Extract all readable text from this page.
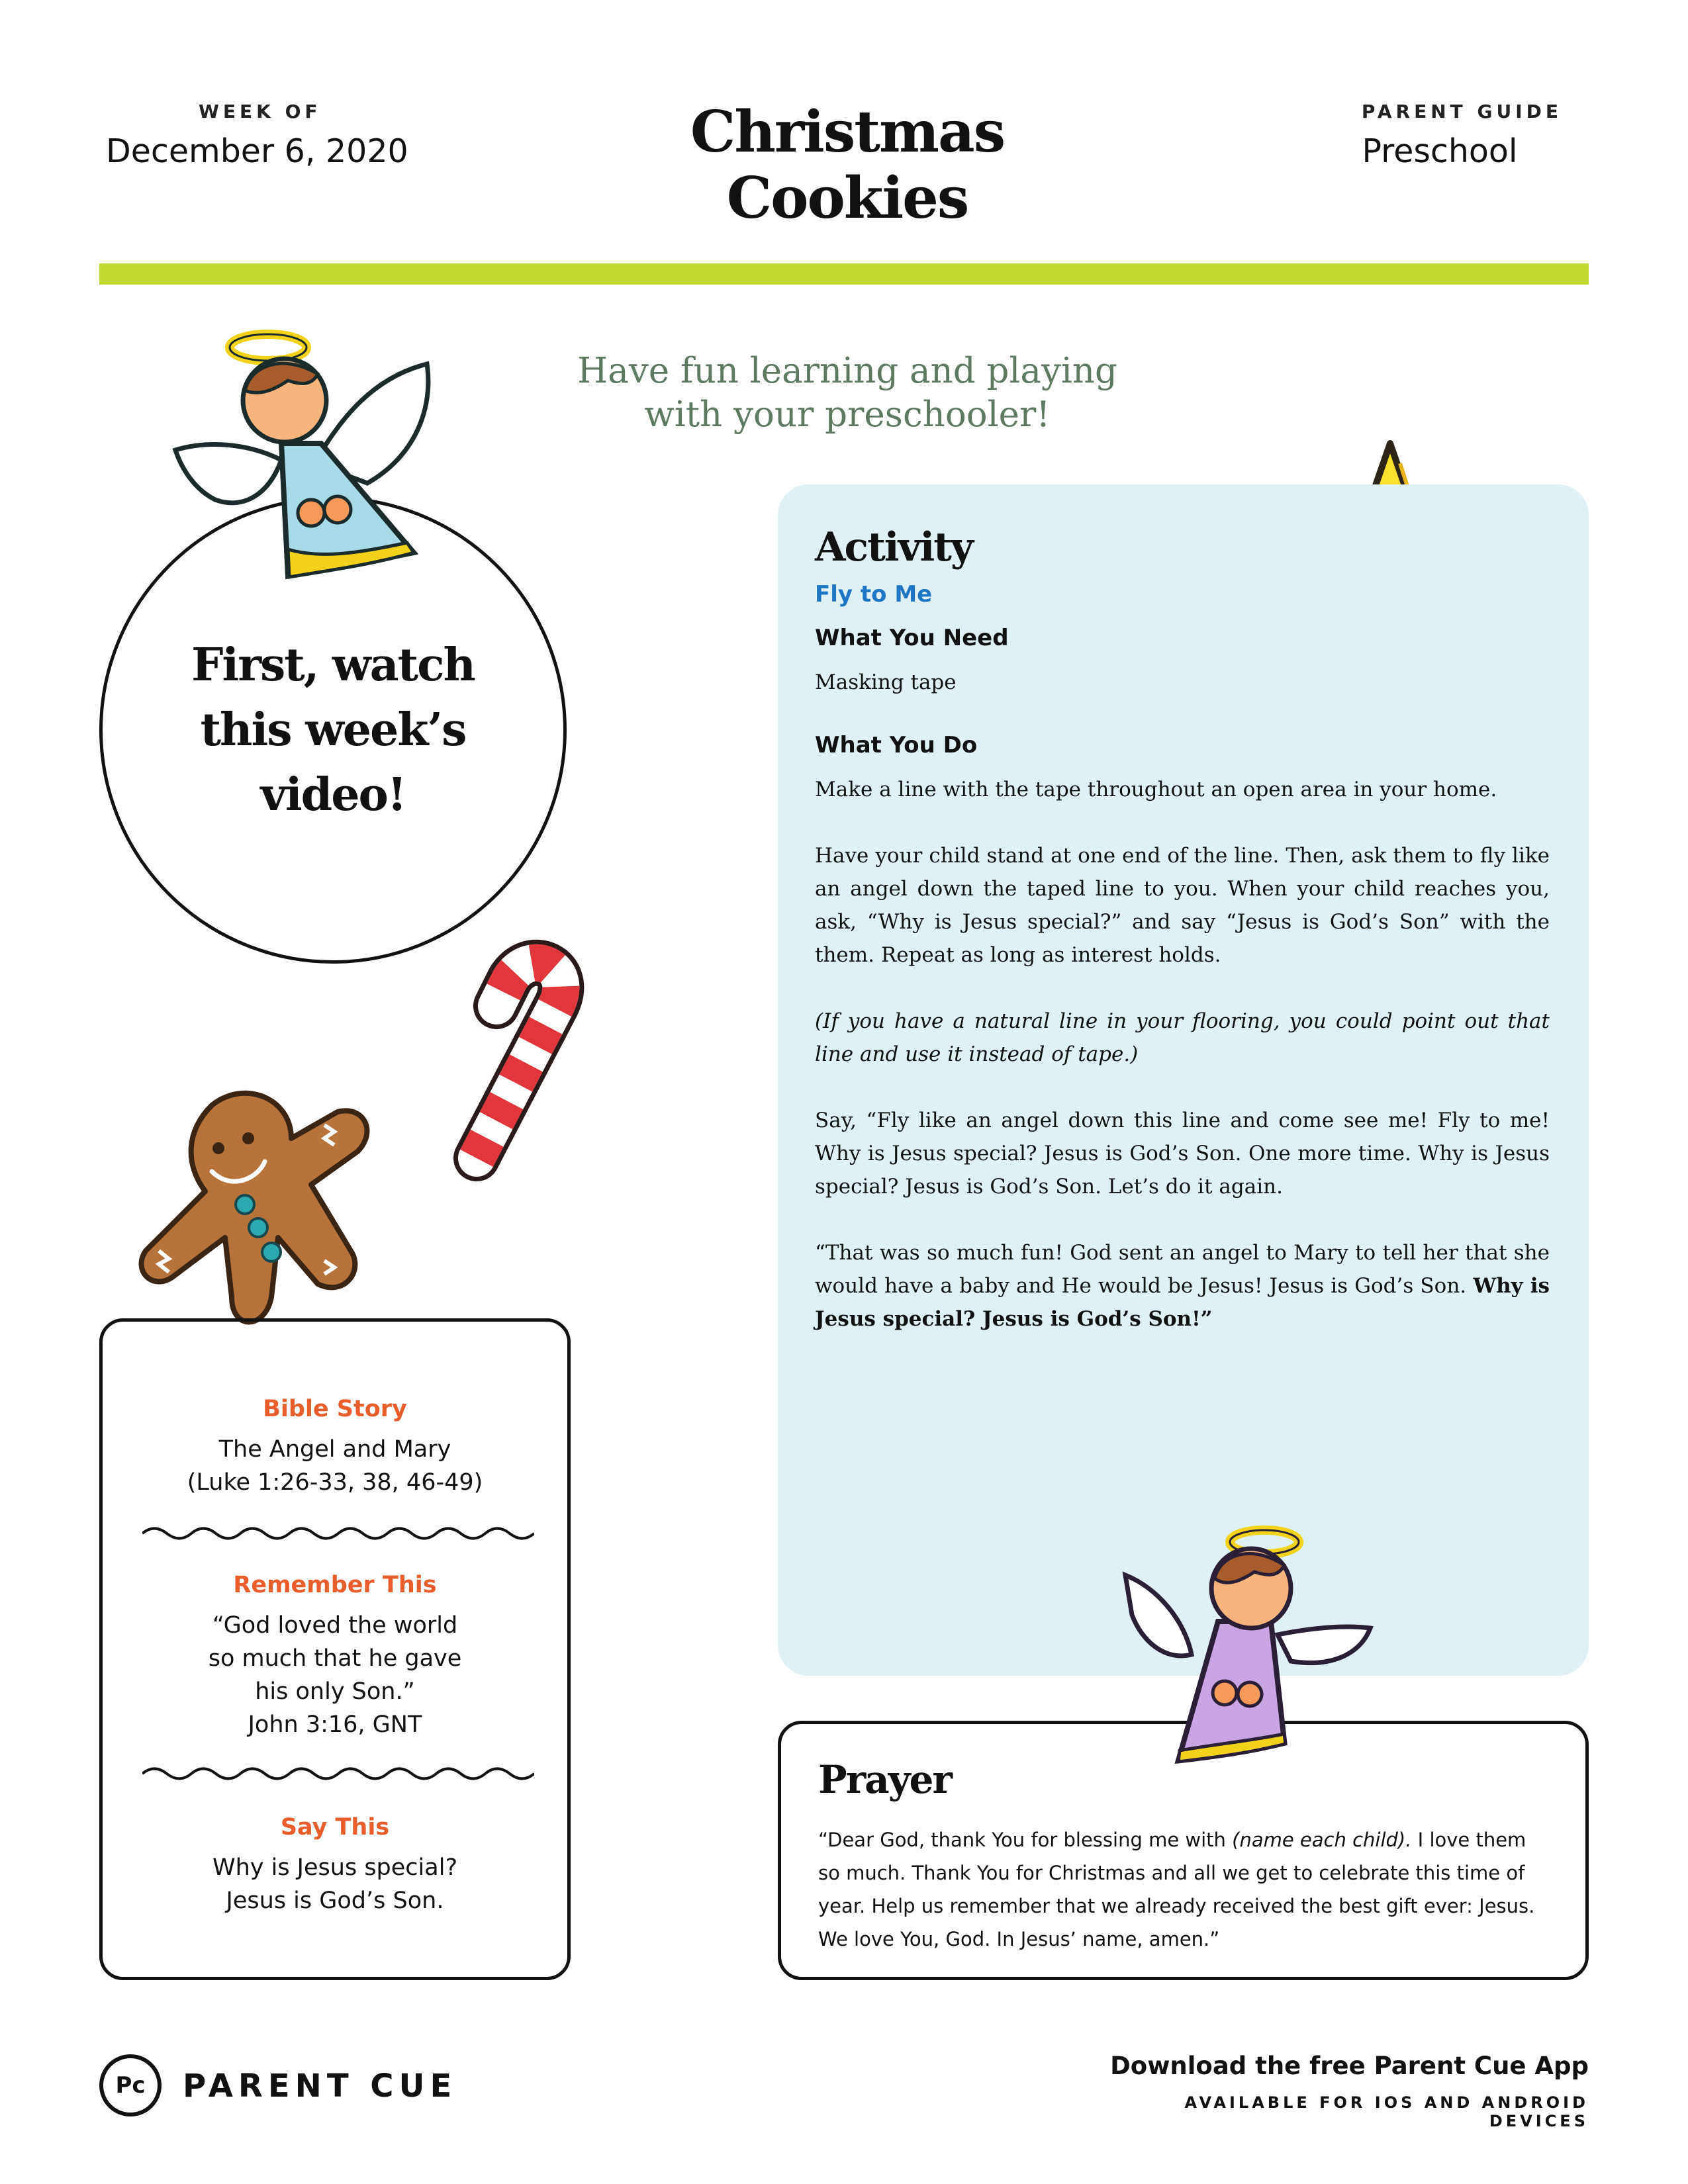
WEEK OF
December 6, 2020	Christmas Cookies
PARENT GUIDE
Preschool
Have fun learning and playing with your preschooler!
First, watch this week’s video!
Bible Story
The Angel and Mary
(Luke 1:26-33, 38, 46-49)
Remember This
“God loved the world
so much that he gave
his only Son.”
John 3:16, GNT
Say This
Why is Jesus special?
Jesus is God’s Son.
Activity
Fly to Me
What You Need
Masking tape
What You Do
Make a line with the tape throughout an open area in your home.
Have your child stand at one end of the line. Then, ask them to fly like an angel down the taped line to you. When your child reaches you, ask, “Why is Jesus special?” and say “Jesus is God’s Son” with the them. Repeat as long as interest holds.
(If you have a natural line in your flooring, you could point out that line and use it instead of tape.)
Say, “Fly like an angel down this line and come see me! Fly to me! Why is Jesus special? Jesus is God’s Son. One more time. Why is Jesus special? Jesus is God’s Son. Let’s do it again.
“That was so much fun! God sent an angel to Mary to tell her that she would have a baby and He would be Jesus! Jesus is God’s Son. Why is Jesus special? Jesus is God’s Son!”
Prayer
“Dear God, thank You for blessing me with (name each child). I love them so much. Thank You for Christmas and all we get to celebrate this time of year. Help us remember that we already received the best gift ever: Jesus. We love You, God. In Jesus’ name, amen.”
Pc	PARENT CUE
Download the free Parent Cue App
AVAILABLE FOR IOS AND ANDROID DEVICES
